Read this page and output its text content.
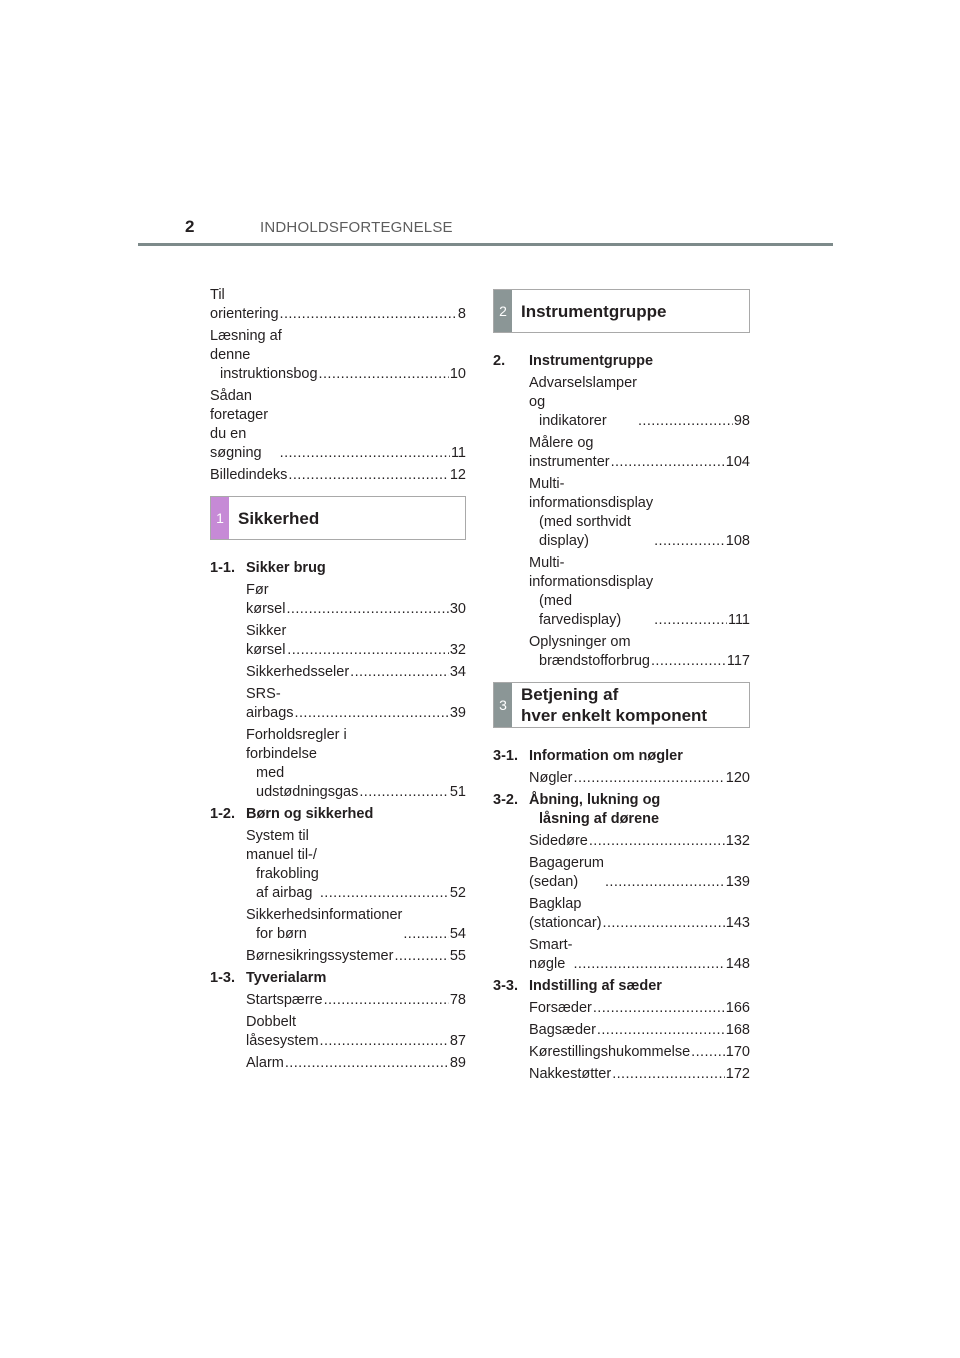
2	INDHOLDSFORTEGNELSE
Til orientering .....	8
Læsning af denne
instruktionsbog .....	10
Sådan foretager du en søgning .....	11
Billedindeks .....	12
1 Sikkerhed
1-1. Sikker brug
Før kørsel .....	30
Sikker kørsel .....	32
Sikkerhedsseler .....	34
SRS-airbags .....	39
Forholdsregler i forbindelse
med udstødningsgas .....	51
1-2. Børn og sikkerhed
System til manuel til-/
frakobling af airbag .....	52
Sikkerhedsinformationer
for børn .....	54
Børnesikringssystemer .....	55
1-3. Tyverialarm
Startspærre .....	78
Dobbelt låsesystem .....	87
Alarm .....	89
2 Instrumentgruppe
2.	Instrumentgruppe
Advarselslamper og
indikatorer .....	98
Målere og instrumenter .....	104
Multi-informationsdisplay
(med sorthvidt display) .....	108
Multi-informationsdisplay
(med farvedisplay) .....	111
Oplysninger om
brændstofforbrug .....	117
3
Betjening af
hver enkelt komponent
3-1. Information om nøgler
Nøgler .....	120
3-2. Åbning, lukning og
låsning af dørene
Sidedøre .....	132
Bagagerum (sedan) .....	139
Bagklap (stationcar) .....	143
Smart-nøgle .....	148
3-3. Indstilling af sæder
Forsæder .....	166
Bagsæder .....	168
Kørestillingshukommelse ..... 170
Nakkestøtter .....	172
